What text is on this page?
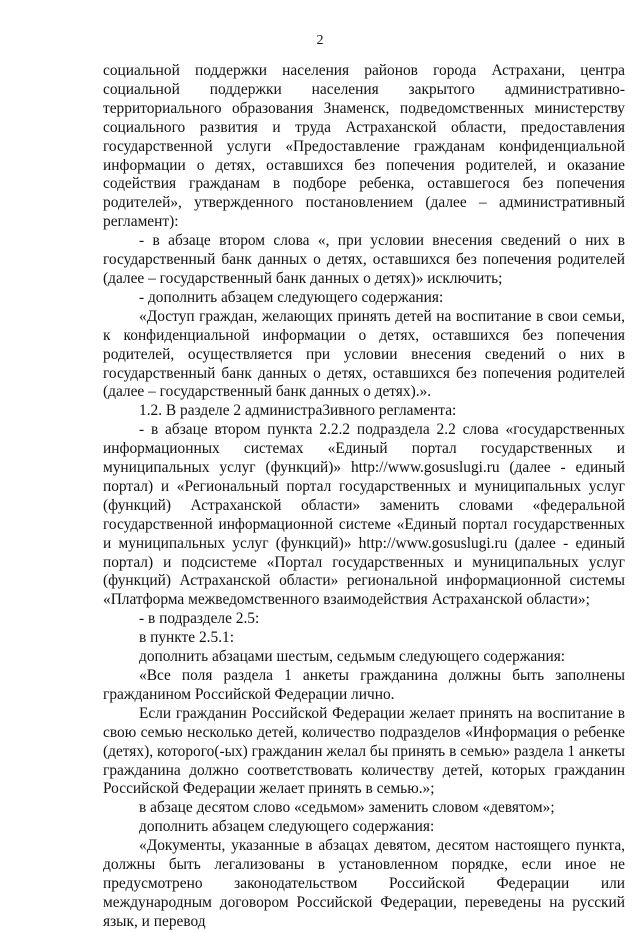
2

социальной поддержки населения районов города Астрахани, центра социальной поддержки населения закрытого административно-территориального образования Знаменск, подведомственных министерству социального развития и труда Астраханской области, предоставления государственной услуги «Предоставление гражданам конфиденциальной информации о детях, оставшихся без попечения родителей, и оказание содействия гражданам в подборе ребенка, оставшегося без попечения родителей», утвержденного постановлением (далее – административный регламент):

- в абзаце втором слова «, при условии внесения сведений о них в государственный банк данных о детях, оставшихся без попечения родителей (далее – государственный банк данных о детях)» исключить;

- дополнить абзацем следующего содержания:

«Доступ граждан, желающих принять детей на воспитание в свои семьи, к конфиденциальной информации о детях, оставшихся без попечения родителей, осуществляется при условии внесения сведений о них в государственный банк данных о детях, оставшихся без попечения родителей (далее – государственный банк данных о детях).».

1.2. В разделе 2 администра3ивного регламента:

- в абзаце втором пункта 2.2.2 подраздела 2.2 слова «государственных информационных системах «Единый портал государственных и муниципальных услуг (функций)» http://www.gosuslugi.ru (далее - единый портал) и «Региональный портал государственных и муниципальных услуг (функций) Астраханской области» заменить словами «федеральной государственной информационной системе «Единый портал государственных и муниципальных услуг (функций)» http://www.gosuslugi.ru (далее - единый портал) и подсистеме «Портал государственных и муниципальных услуг (функций) Астраханской области» региональной информационной системы «Платформа межведомственного взаимодействия Астраханской области»;

- в подразделе 2.5:

в пункте 2.5.1:

дополнить абзацами шестым, седьмым следующего содержания:

«Все поля раздела 1 анкеты гражданина должны быть заполнены гражданином Российской Федерации лично.

Если гражданин Российской Федерации желает принять на воспитание в свою семью несколько детей, количество подразделов «Информация о ребенке (детях), которого(-ых) гражданин желал бы принять в семью» раздела 1 анкеты гражданина должно соответствовать количеству детей, которых гражданин Российской Федерации желает принять в семью.»;

в абзаце десятом слово «седьмом» заменить словом «девятом»;

дополнить абзацем следующего содержания:

«Документы, указанные в абзацах девятом, десятом настоящего пункта, должны быть легализованы в установленном порядке, если иное не предусмотрено законодательством Российской Федерации или международным договором Российской Федерации, переведены на русский язык, и перевод
